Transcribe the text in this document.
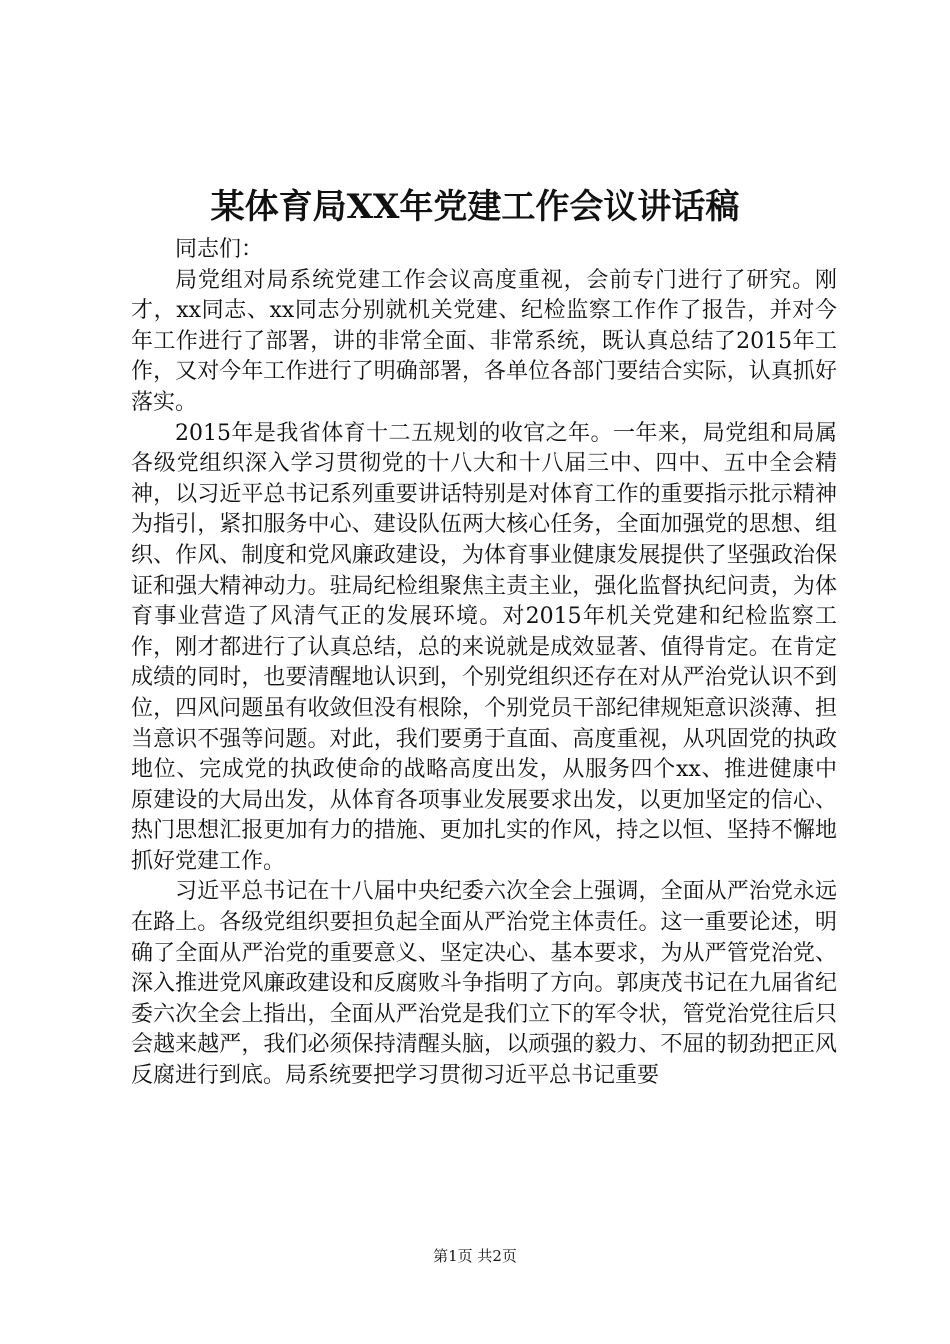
某体育局XX年党建工作会议讲话稿

同志们：

局党组对局系统党建工作会议高度重视，会前专门进行了研究。刚才，xx同志、xx同志分别就机关党建、纪检监察工作作了报告，并对今年工作进行了部署，讲的非常全面、非常系统，既认真总结了2015年工作，又对今年工作进行了明确部署，各单位各部门要结合实际，认真抓好落实。

2015年是我省体育十二五规划的收官之年。一年来，局党组和局属各级党组织深入学习贯彻党的十八大和十八届三中、四中、五中全会精神，以习近平总书记系列重要讲话特别是对体育工作的重要指示批示精神为指引，紧扣服务中心、建设队伍两大核心任务，全面加强党的思想、组织、作风、制度和党风廉政建设，为体育事业健康发展提供了坚强政治保证和强大精神动力。驻局纪检组聚焦主责主业，强化监督执纪问责，为体育事业营造了风清气正的发展环境。对2015年机关党建和纪检监察工作，刚才都进行了认真总结，总的来说就是成效显著、值得肯定。在肯定成绩的同时，也要清醒地认识到，个别党组织还存在对从严治党认识不到位，四风问题虽有收敛但没有根除，个别党员干部纪律规矩意识淡薄、担当意识不强等问题。对此，我们要勇于直面、高度重视，从巩固党的执政地位、完成党的执政使命的战略高度出发，从服务四个xx、推进健康中原建设的大局出发，从体育各项事业发展要求出发，以更加坚定的信心、热门思想汇报更加有力的措施、更加扎实的作风，持之以恒、坚持不懈地抓好党建工作。

习近平总书记在十八届中央纪委六次全会上强调，全面从严治党永远在路上。各级党组织要担负起全面从严治党主体责任。这一重要论述，明确了全面从严治党的重要意义、坚定决心、基本要求，为从严管党治党、深入推进党风廉政建设和反腐败斗争指明了方向。郭庚茂书记在九届省纪委六次全会上指出，全面从严治党是我们立下的军令状，管党治党往后只会越来越严，我们必须保持清醒头脑，以顽强的毅力、不屈的韧劲把正风反腐进行到底。局系统要把学习贯彻习近平总书记重要

第1页 共2页
